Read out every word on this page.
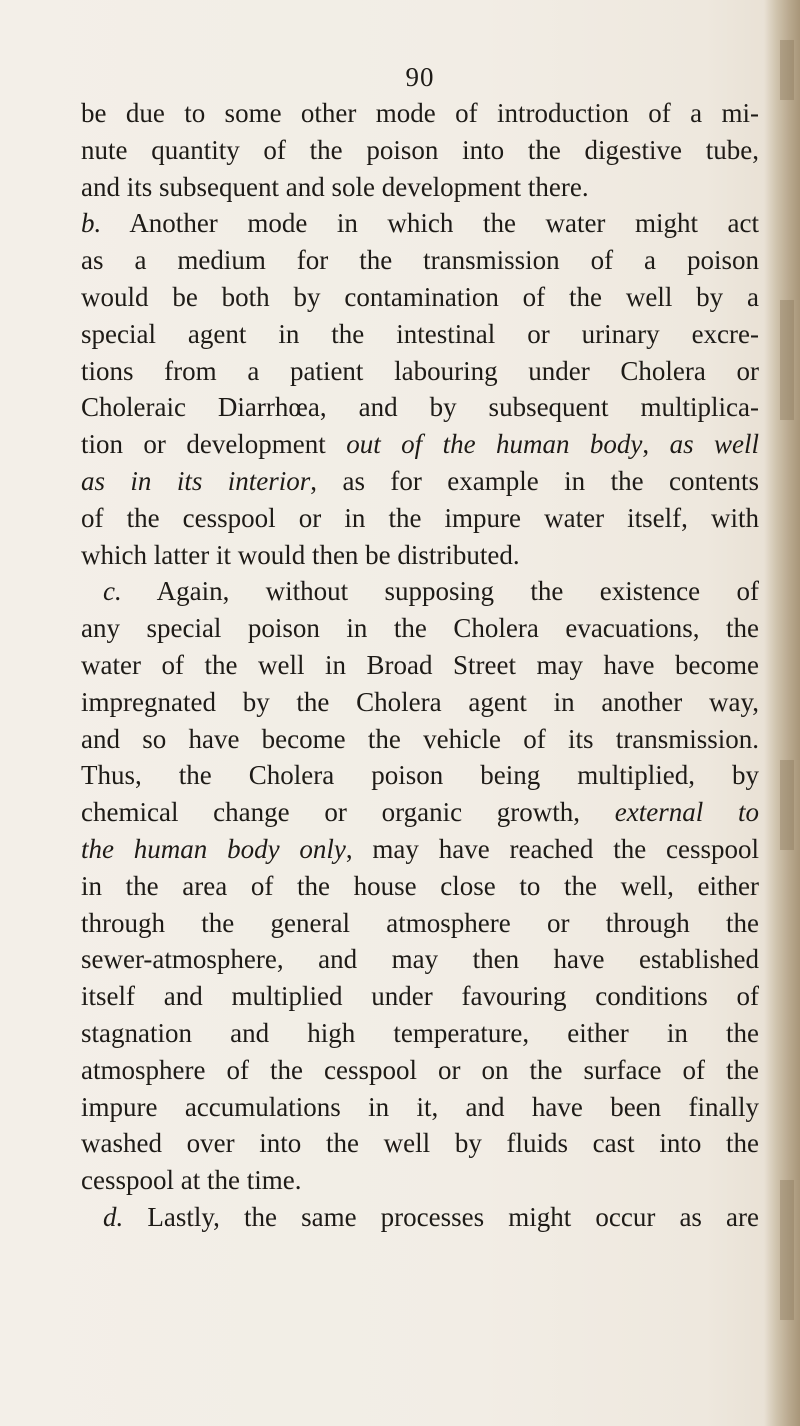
90
be due to some other mode of introduction of a mi-
nute quantity of the poison into the digestive tube,
and its subsequent and sole development there.
b. Another mode in which the water might act
as a medium for the transmission of a poison
would be both by contamination of the well by a
special agent in the intestinal or urinary excre-
tions from a patient labouring under Cholera or
Choleraic Diarrhœa, and by subsequent multiplica-
tion or development out of the human body, as well
as in its interior, as for example in the contents
of the cesspool or in the impure water itself, with
which latter it would then be distributed.
c. Again, without supposing the existence of
any special poison in the Cholera evacuations, the
water of the well in Broad Street may have become
impregnated by the Cholera agent in another way,
and so have become the vehicle of its transmission.
Thus, the Cholera poison being multiplied, by
chemical change or organic growth, external to
the human body only, may have reached the cesspool
in the area of the house close to the well, either
through the general atmosphere or through the
sewer-atmosphere, and may then have established
itself and multiplied under favouring conditions of
stagnation and high temperature, either in the
atmosphere of the cesspool or on the surface of the
impure accumulations in it, and have been finally
washed over into the well by fluids cast into the
cesspool at the time.
d. Lastly, the same processes might occur as are
